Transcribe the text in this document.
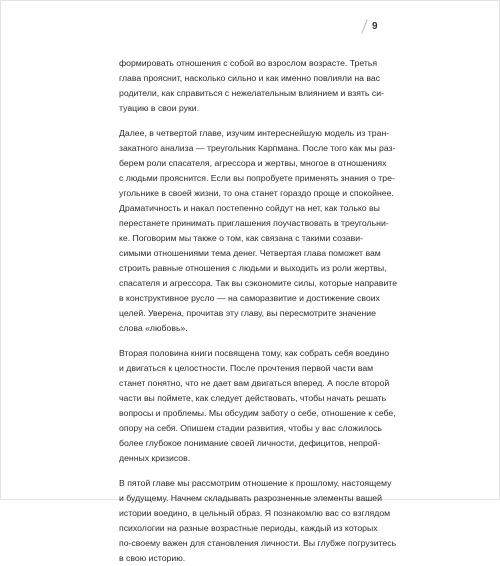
9

формировать отношения с собой во взрослом возрасте. Третья
глава прояснит, насколько сильно и как именно повлияли на вас
родители, как справиться с нежелательным влиянием и взять си-
туацию в свои руки.

Далее, в четвертой главе, изучим интереснейшую модель из тран-
закатного анализа — треугольник Карпмана. После того как мы раз-
берем роли спасателя, агрессора и жертвы, многое в отношениях
с людьми прояснится. Если вы попробуете применять знания о тре-
угольнике в своей жизни, то она станет гораздо проще и спокойнее.
Драматичность и накал постепенно сойдут на нет, как только вы
перестанете принимать приглашения поучаствовать в треугольни-
ке. Поговорим мы также о том, как связана с такими созави-
симыми отношениями тема денег. Четвертая глава поможет вам
строить равные отношения с людьми и выходить из роли жертвы,
спасателя и агрессора. Так вы сэкономите силы, которые направите
в конструктивное русло — на саморазвитие и достижение своих
целей. Уверена, прочитав эту главу, вы пересмотрите значение
слова «любовь».

Вторая половина книги посвящена тому, как собрать себя воедино
и двигаться к целостности. После прочтения первой части вам
станет понятно, что не дает вам двигаться вперед. А после второй
части вы поймете, как следует действовать, чтобы начать решать
вопросы и проблемы. Мы обсудим заботу о себе, отношение к себе,
опору на себя. Опишем стадии развития, чтобы у вас сложилось
более глубокое понимание своей личности, дефицитов, непрой-
денных кризисов.

В пятой главе мы рассмотрим отношение к прошлому, настоящему
и будущему. Начнем складывать разрозненные элементы вашей
истории воедино, в цельный образ. Я познакомлю вас со взглядом
психологии на разные возрастные периоды, каждый из которых
по-своему важен для становления личности. Вы глубже погрузитесь
в свою историю.
